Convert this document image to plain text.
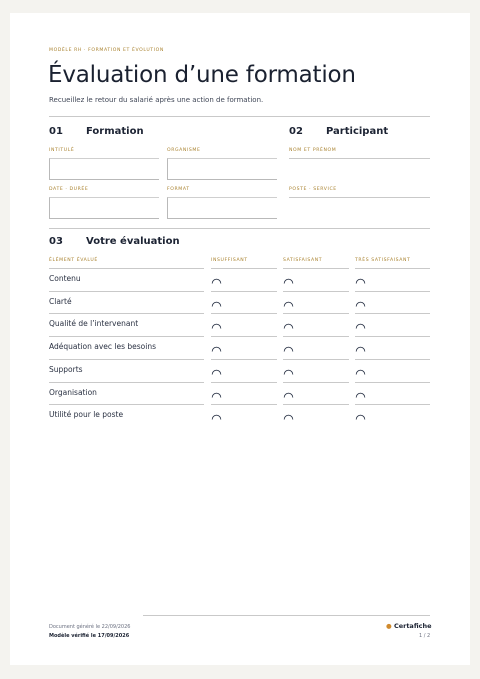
MODÈLE RH · FORMATION ET ÉVOLUTION
Évaluation d’une formation
Recueillez le retour du salarié après une action de formation.
01 Formation	02 Participant
INTITULÉ	ORGANISME	NOM ET PRÉNOM
DATE · DURÉE	FORMAT	POSTE · SERVICE
03 Votre évaluation
ÉLÉMENT ÉVALUÉ	INSUFFISANT	SATISFAISANT	TRÈS SATISFAISANT
Contenu
Clarté
Qualité de l’intervenant
Adéquation avec les besoins
Supports
Organisation
Utilité pour le poste
Document généré le 22/09/2026
Modèle vérifié le 17/09/2026
● Certafiche
1 / 2
